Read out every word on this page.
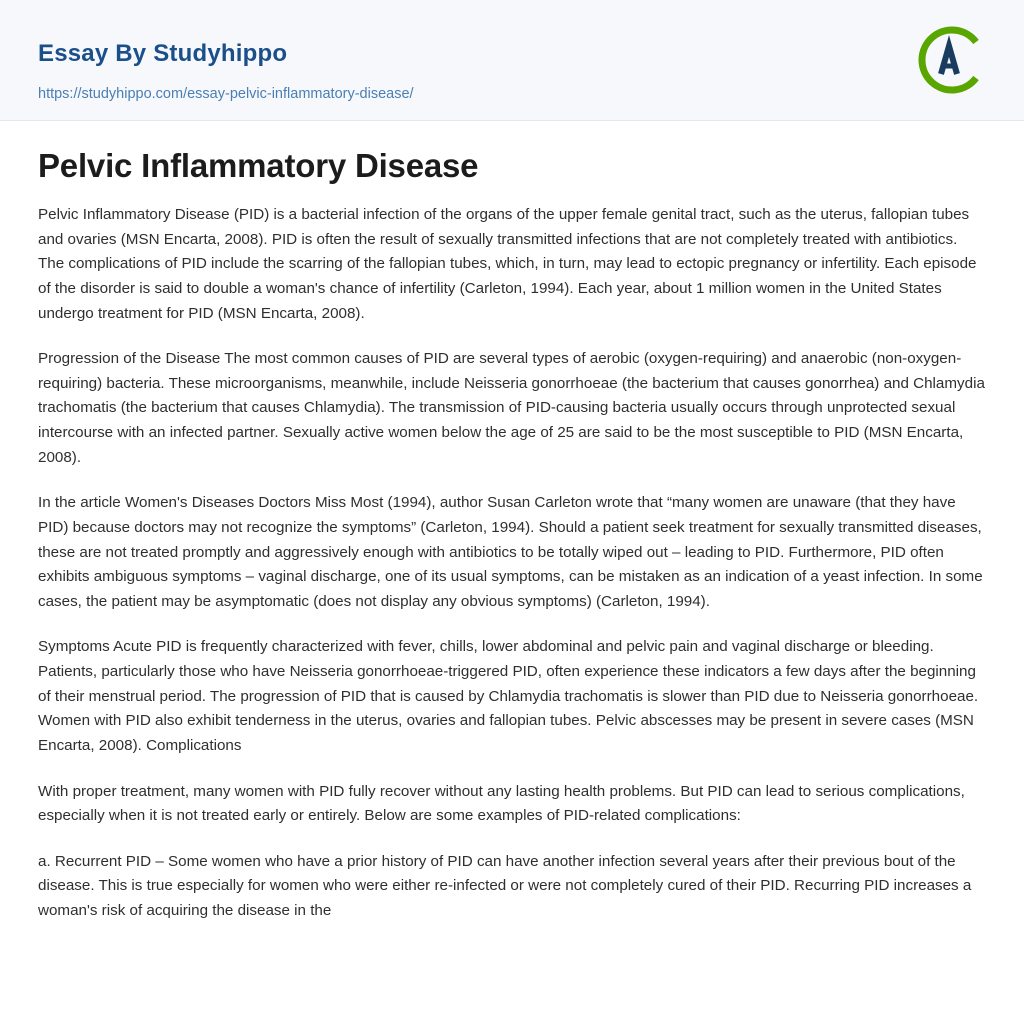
Essay By Studyhippo
https://studyhippo.com/essay-pelvic-inflammatory-disease/
Pelvic Inflammatory Disease

Pelvic Inflammatory Disease (PID) is a bacterial infection of the organs of the upper female genital tract, such as the uterus, fallopian tubes and ovaries (MSN Encarta, 2008). PID is often the result of sexually transmitted infections that are not completely treated with antibiotics. The complications of PID include the scarring of the fallopian tubes, which, in turn, may lead to ectopic pregnancy or infertility. Each episode of the disorder is said to double a woman's chance of infertility (Carleton, 1994). Each year, about 1 million women in the United States undergo treatment for PID (MSN Encarta, 2008).

Progression of the Disease The most common causes of PID are several types of aerobic (oxygen-requiring) and anaerobic (non-oxygen-requiring) bacteria. These microorganisms, meanwhile, include Neisseria gonorrhoeae (the bacterium that causes gonorrhea) and Chlamydia trachomatis (the bacterium that causes Chlamydia). The transmission of PID-causing bacteria usually occurs through unprotected sexual intercourse with an infected partner. Sexually active women below the age of 25 are said to be the most susceptible to PID (MSN Encarta, 2008).

In the article Women's Diseases Doctors Miss Most (1994), author Susan Carleton wrote that “many women are unaware (that they have PID) because doctors may not recognize the symptoms” (Carleton, 1994). Should a patient seek treatment for sexually transmitted diseases, these are not treated promptly and aggressively enough with antibiotics to be totally wiped out – leading to PID. Furthermore, PID often exhibits ambiguous symptoms – vaginal discharge, one of its usual symptoms, can be mistaken as an indication of a yeast infection. In some cases, the patient may be asymptomatic (does not display any obvious symptoms) (Carleton, 1994).

Symptoms Acute PID is frequently characterized with fever, chills, lower abdominal and pelvic pain and vaginal discharge or bleeding. Patients, particularly those who have Neisseria gonorrhoeae-triggered PID, often experience these indicators a few days after the beginning of their menstrual period. The progression of PID that is caused by Chlamydia trachomatis is slower than PID due to Neisseria gonorrhoeae. Women with PID also exhibit tenderness in the uterus, ovaries and fallopian tubes. Pelvic abscesses may be present in severe cases (MSN Encarta, 2008). Complications

With proper treatment, many women with PID fully recover without any lasting health problems. But PID can lead to serious complications, especially when it is not treated early or entirely. Below are some examples of PID-related complications:

a. Recurrent PID – Some women who have a prior history of PID can have another infection several years after their previous bout of the disease. This is true especially for women who were either re-infected or were not completely cured of their PID. Recurring PID increases a woman's risk of acquiring the disease in the
